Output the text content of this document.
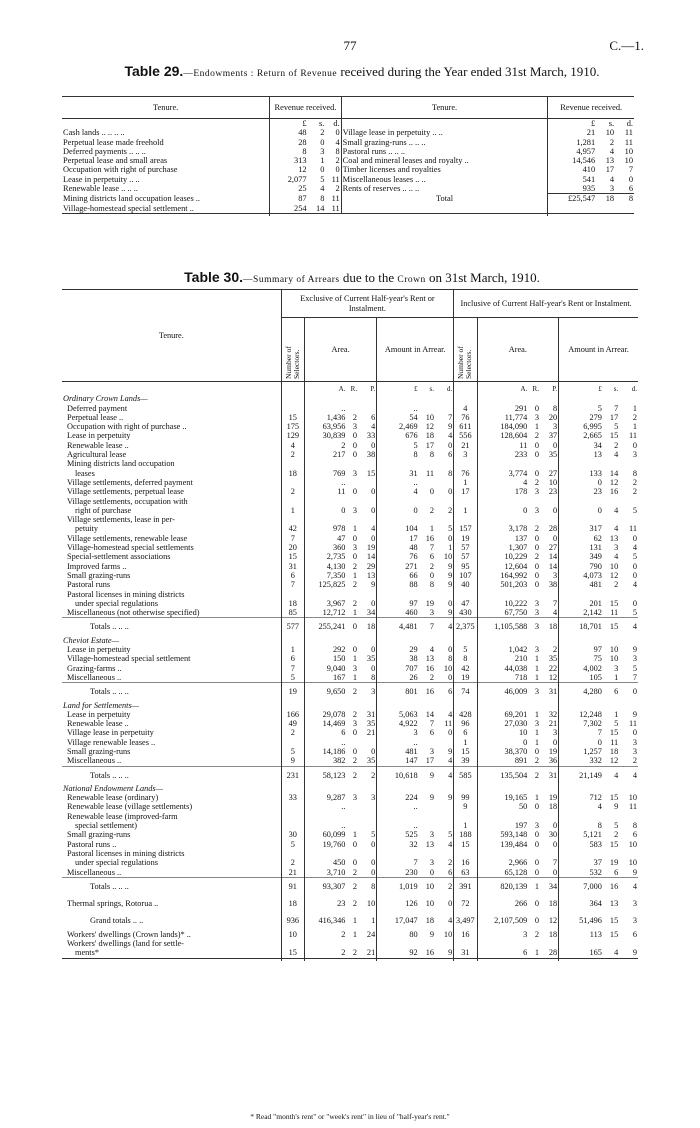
77	C.—1.
Table 29.—Endowments : Return of Revenue received during the Year ended 31st March, 1910.
Tenure.	Revenue received.			Tenure.	Revenue received.		
	£	s.	d.		£	s.	d.
Cash lands .. .. .. ..	48	2	0	Village lease in perpetuity .. ..	21	10	11
Perpetual lease made freehold	28	0	4	Small grazing-runs .. .. ..	1,281	2	11
Deferred payments .. .. ..	8	3	8	Pastoral runs .. .. ..	4,957	4	10
Perpetual lease and small areas	313	1	2	Coal and mineral leases and royalty ..	14,546	13	10
Occupation with right of purchase	12	0	0	Timber licenses and royalties	410	17	7
Lease in perpetuity .. ..	2,077	5	11	Miscellaneous leases .. ..	541	4	0
Renewable lease .. .. ..	25	4	2	Rents of reserves .. .. ..	935	3	6
Mining districts land occupation leases ..	87	8	11	Total	£25,547	18	8
Village-homestead special settlement ..	254	14	11				

Table 30.—Summary of Arrears due to the Crown on 31st March, 1910.
Tenure.	Exclusive of Current Half-year's Rent or Instalment.							Inclusive of Current Half-year's Rent or Instalment.						

	Number of Selectors.	Area.			Amount in Arrear.			Number of Selectors.	Area.			Amount in Arrear.		
		A.	R.	P.	£	s.	d.		A.	R.	P.	£	s.	d.
Ordinary Crown Lands—														
Deferred payment		..			..			4	291	0	8	5	7	1
Perpetual lease ..	15	1,436	2	6	54	10	7	76	11,774	3	20	279	17	2
Occupation with right of purchase ..	175	63,956	3	4	2,469	12	9	611	184,090	1	3	6,995	5	1
Lease in perpetuity	129	30,839	0	33	676	18	4	556	128,604	2	37	2,665	15	11
Renewable lease ..	4	2	0	0	5	17	0	21	11	0	0	34	2	0
Agricultural lease	2	217	0	38	8	8	6	3	233	0	35	13	4	3
Mining districts land occupation
leases	18	769	3	15	31	11	8	76	3,774	0	27	133	14	8
Village settlements, deferred payment		..			..			1	4	2	10	0	12	2
Village settlements, perpetual lease	2	11	0	0	4	0	0	17	178	3	23	23	16	2
Village settlements, occupation with
right of purchase	1	0	3	0	0	2	2	1	0	3	0	0	4	5
Village settlements, lease in per-
petuity	42	978	1	4	104	1	5	157	3,178	2	28	317	4	11
Village settlements, renewable lease	7	47	0	0	17	16	0	19	137	0	0	62	13	0
Village-homestead special settlements	20	360	3	19	48	7	1	57	1,307	0	27	131	3	4
Special-settlement associations	15	2,735	0	14	76	6	10	57	10,229	2	14	349	4	5
Improved farms ..	31	4,130	2	29	271	2	9	95	12,604	0	14	790	10	0
Small grazing-runs	6	7,350	1	13	66	0	9	107	164,992	0	3	4,073	12	0
Pastoral runs	7	125,825	2	9	88	8	9	40	501,203	0	38	481	2	4
Pastoral licenses in mining districts
under special regulations	18	3,967	2	0	97	19	0	47	10,222	3	7	201	15	0
Miscellaneous (not otherwise specified)	85	12,712	1	34	460	3	9	430	67,750	3	4	2,142	11	5
Totals .. .. ..	577	255,241	0	18	4,481	7	4	2,375	1,105,588	3	18	18,701	15	4
Cheviot Estate—														
Lease in perpetuity	1	292	0	0	29	4	0	5	1,042	3	2	97	10	9
Village-homestead special settlement	6	150	1	35	38	13	8	8	210	1	35	75	10	3
Grazing-farms ..	7	9,040	3	0	707	16	10	42	44,038	1	22	4,002	3	5
Miscellaneous ..	5	167	1	8	26	2	0	19	718	1	12	105	1	7
Totals .. .. ..	19	9,650	2	3	801	16	6	74	46,009	3	31	4,280	6	0
Land for Settlements—														
Lease in perpetuity	166	29,078	2	31	5,063	14	4	428	69,201	1	32	12,248	1	9
Renewable lease ..	49	14,469	3	35	4,922	7	11	96	27,030	3	21	7,302	5	11
Village lease in perpetuity	2	6	0	21	3	6	0	6	10	1	3	7	15	0
Village renewable leases ..		..			..			1	0	1	0	0	11	3
Small grazing-runs	5	14,186	0	0	481	3	9	15	38,370	0	19	1,257	18	3
Miscellaneous ..	9	382	2	35	147	17	4	39	891	2	36	332	12	2
Totals .. .. ..	231	58,123	2	2	10,618	9	4	585	135,504	2	31	21,149	4	4
National Endowment Lands—														
Renewable lease (ordinary)	33	9,287	3	3	224	9	9	99	19,165	1	19	712	15	10
Renewable lease (village settlements)		..			..			9	50	0	18	4	9	11
Renewable lease (improved-farm
special settlement)		..			..			1	197	3	0	8	5	8
Small grazing-runs	30	60,099	1	5	525	3	5	188	593,148	0	30	5,121	2	6
Pastoral runs ..	5	19,760	0	0	32	13	4	15	139,484	0	0	583	15	10
Pastoral licenses in mining districts
under special regulations	2	450	0	0	7	3	2	16	2,966	0	7	37	19	10
Miscellaneous ..	21	3,710	2	0	230	0	6	63	65,128	0	0	532	6	9
Totals .. .. ..	91	93,307	2	8	1,019	10	2	391	820,139	1	34	7,000	16	4
Thermal springs, Rotorua ..	18	23	2	10	126	10	0	72	266	0	18	364	13	3
Grand totals .. ..	936	416,346	1	1	17,047	18	4	3,497	2,107,509	0	12	51,496	15	3
Workers' dwellings (Crown lands)* ..	10	2	1	24	80	9	10	16	3	2	18	113	15	6
Workers' dwellings (land for settle-
ments*	15	2	2	21	92	16	9	31	6	1	28	165	4	9

* Read "month's rent" or "week's rent" in lieu of "half-year's rent."
